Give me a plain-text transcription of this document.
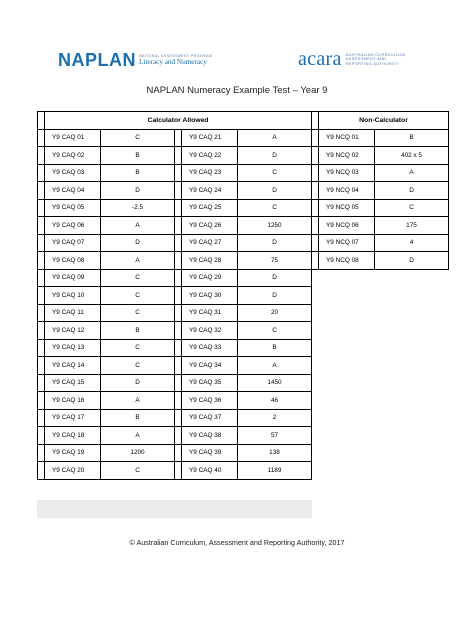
NAPLAN NATIONAL ASSESSMENT PROGRAM
Literacy and Numeracy	acara AUSTRALIAN CURRICULUM,
ASSESSMENT AND
REPORTING AUTHORITY
NAPLAN Numeracy Example Test – Year 9
	Calculator Allowed				
	Y9 CAQ 01	C		Y9 CAQ 21	A
	Y9 CAQ 02	B		Y9 CAQ 22	D
	Y9 CAQ 03	B		Y9 CAQ 23	C
	Y9 CAQ 04	D		Y9 CAQ 24	D
	Y9 CAQ 05	-2.5		Y9 CAQ 25	C
	Y9 CAQ 06	A		Y9 CAQ 26	1250
	Y9 CAQ 07	D		Y9 CAQ 27	D
	Y9 CAQ 08	A		Y9 CAQ 28	75
	Y9 CAQ 09	C		Y9 CAQ 29	D
	Y9 CAQ 10	C		Y9 CAQ 30	D
	Y9 CAQ 11	C		Y9 CAQ 31	20
	Y9 CAQ 12	B		Y9 CAQ 32	C
	Y9 CAQ 13	C		Y9 CAQ 33	B
	Y9 CAQ 14	C		Y9 CAQ 34	A
	Y9 CAQ 15	D		Y9 CAQ 35	1450
	Y9 CAQ 16	A		Y9 CAQ 36	46
	Y9 CAQ 17	B		Y9 CAQ 37	2
	Y9 CAQ 18	A		Y9 CAQ 38	57
	Y9 CAQ 19	1200		Y9 CAQ 39	138
	Y9 CAQ 20	C		Y9 CAQ 40	1189
	Non-Calculator	
	Y9 NCQ 01	B
	Y9 NCQ 02	402 x 5
	Y9 NCQ 03	A
	Y9 NCQ 04	D
	Y9 NCQ 05	C
	Y9 NCQ 06	175
	Y9 NCQ 07	4
	Y9 NCQ 08	D
© Australian Curriculum, Assessment and Reporting Authority, 2017
